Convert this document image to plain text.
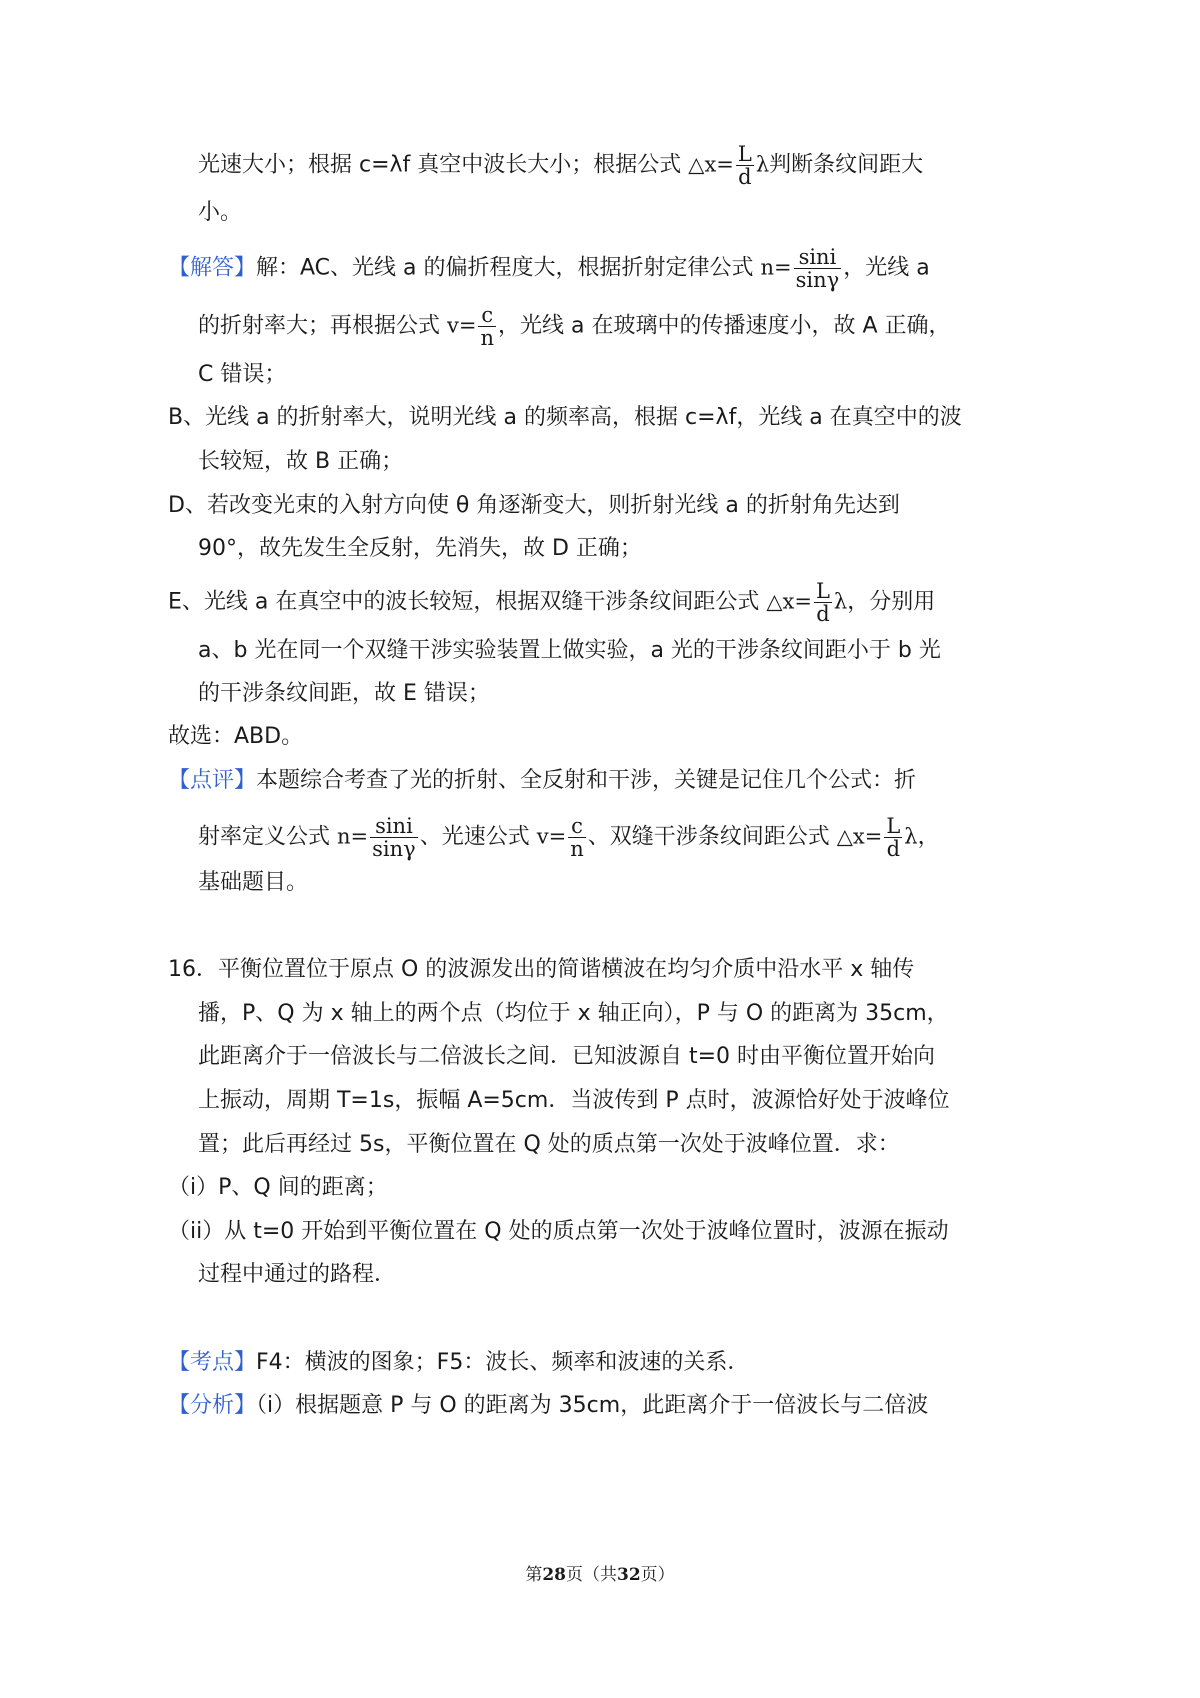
光速大小；根据 c=λf 真空中波长大小；根据公式 △x= $\frac{L}{d}$ λ判断条纹间距大
小。
【解答】解：AC、光线 a 的偏折程度大，根据折射定律公式 $n= \frac{\sin i}{\sin\gamma}$ ，光线 a
的折射率大；再根据公式 $v= \frac{c}{n}$ ，光线 a 在玻璃中的传播速度小，故 A 正确，
C 错误；
B、光线 a 的折射率大，说明光线 a 的频率高，根据 c=λf，光线 a 在真空中的波
长较短，故 B 正确；
D、若改变光束的入射方向使 θ 角逐渐变大，则折射光线 a 的折射角先达到
90°，故先发生全反射，先消失，故 D 正确；
E、光线 a 在真空中的波长较短，根据双缝干涉条纹间距公式 △x= $\frac{L}{d}$ λ，分别用
a、b 光在同一个双缝干涉实验装置上做实验，a 光的干涉条纹间距小于 b 光
的干涉条纹间距，故 E 错误；
故选：ABD。
【点评】本题综合考查了光的折射、全反射和干涉，关键是记住几个公式：折
射率定义公式 $n= \frac{\sin i}{\sin\gamma}$ 、光速公式 $v= \frac{c}{n}$ 、双缝干涉条纹间距公式 △x= $\frac{L}{d}$ λ，
基础题目。
16．平衡位置位于原点 O 的波源发出的简谐横波在均匀介质中沿水平 x 轴传
播，P、Q 为 x 轴上的两个点（均位于 x 轴正向），P 与 O 的距离为 35cm，
此距离介于一倍波长与二倍波长之间．已知波源自 t=0 时由平衡位置开始向
上振动，周期 T=1s，振幅 A=5cm．当波传到 P 点时，波源恰好处于波峰位
置；此后再经过 5s，平衡位置在 Q 处的质点第一次处于波峰位置．求：
（i）P、Q 间的距离；
（ii）从 t=0 开始到平衡位置在 Q 处的质点第一次处于波峰位置时，波源在振动
过程中通过的路程．
【考点】F4：横波的图象；F5：波长、频率和波速的关系．
【分析】（i）根据题意 P 与 O 的距离为 35cm，此距离介于一倍波长与二倍波
第28页（共32页）
